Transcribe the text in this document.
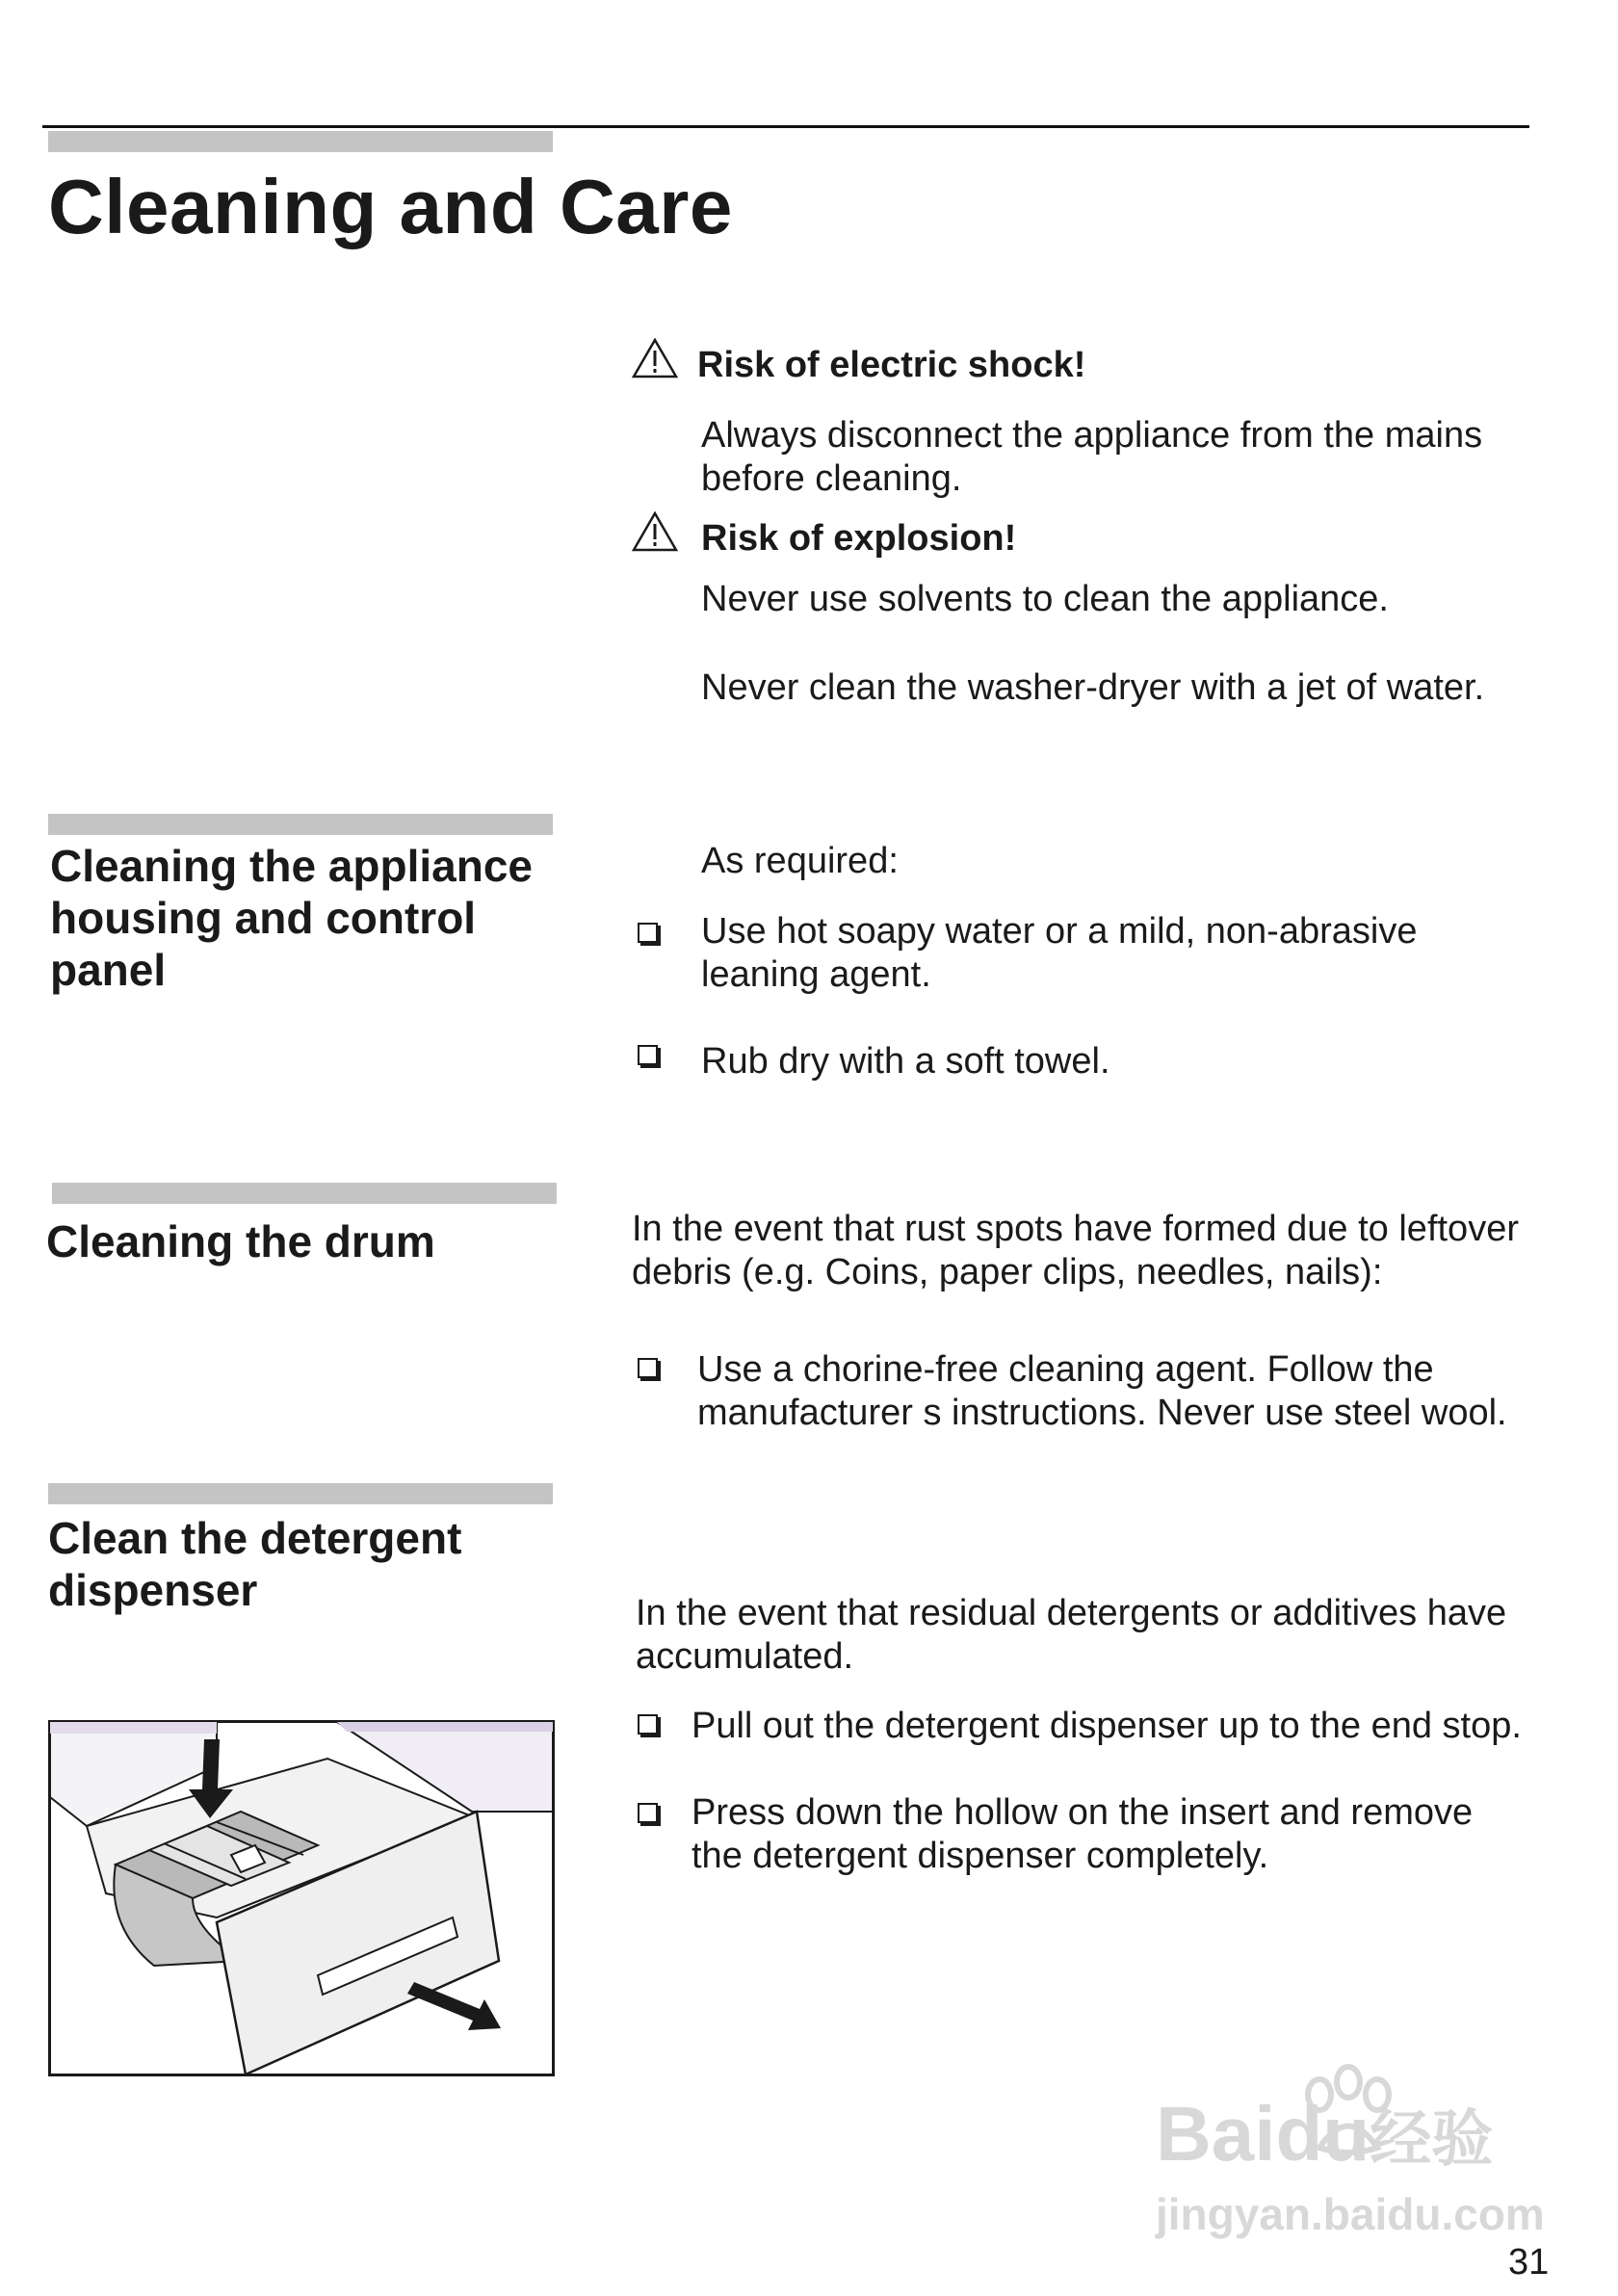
Cleaning and Care
Risk of electric shock!
Always disconnect the appliance from the mains
before cleaning.
Risk of explosion!
Never use solvents to clean the appliance.
Never clean the washer-dryer with a jet of water.
Cleaning the appliance
housing and control
panel
As required:
Use hot soapy water or a mild, non-abrasive
leaning agent.
Rub dry with a soft towel.
Cleaning the drum	In the event that rust spots have formed due to leftover
debris (e.g. Coins, paper clips, needles, nails):
Use a chorine-free cleaning agent. Follow the
manufacturer s instructions. Never use steel wool.
Clean the detergent
dispenser	In the event that residual detergents or additives have
accumulated.
Pull out the detergent dispenser up to the end stop.
Press down the hollow on the insert and remove
the detergent dispenser completely.
Baidu经验
jingyan.baidu.com
31
